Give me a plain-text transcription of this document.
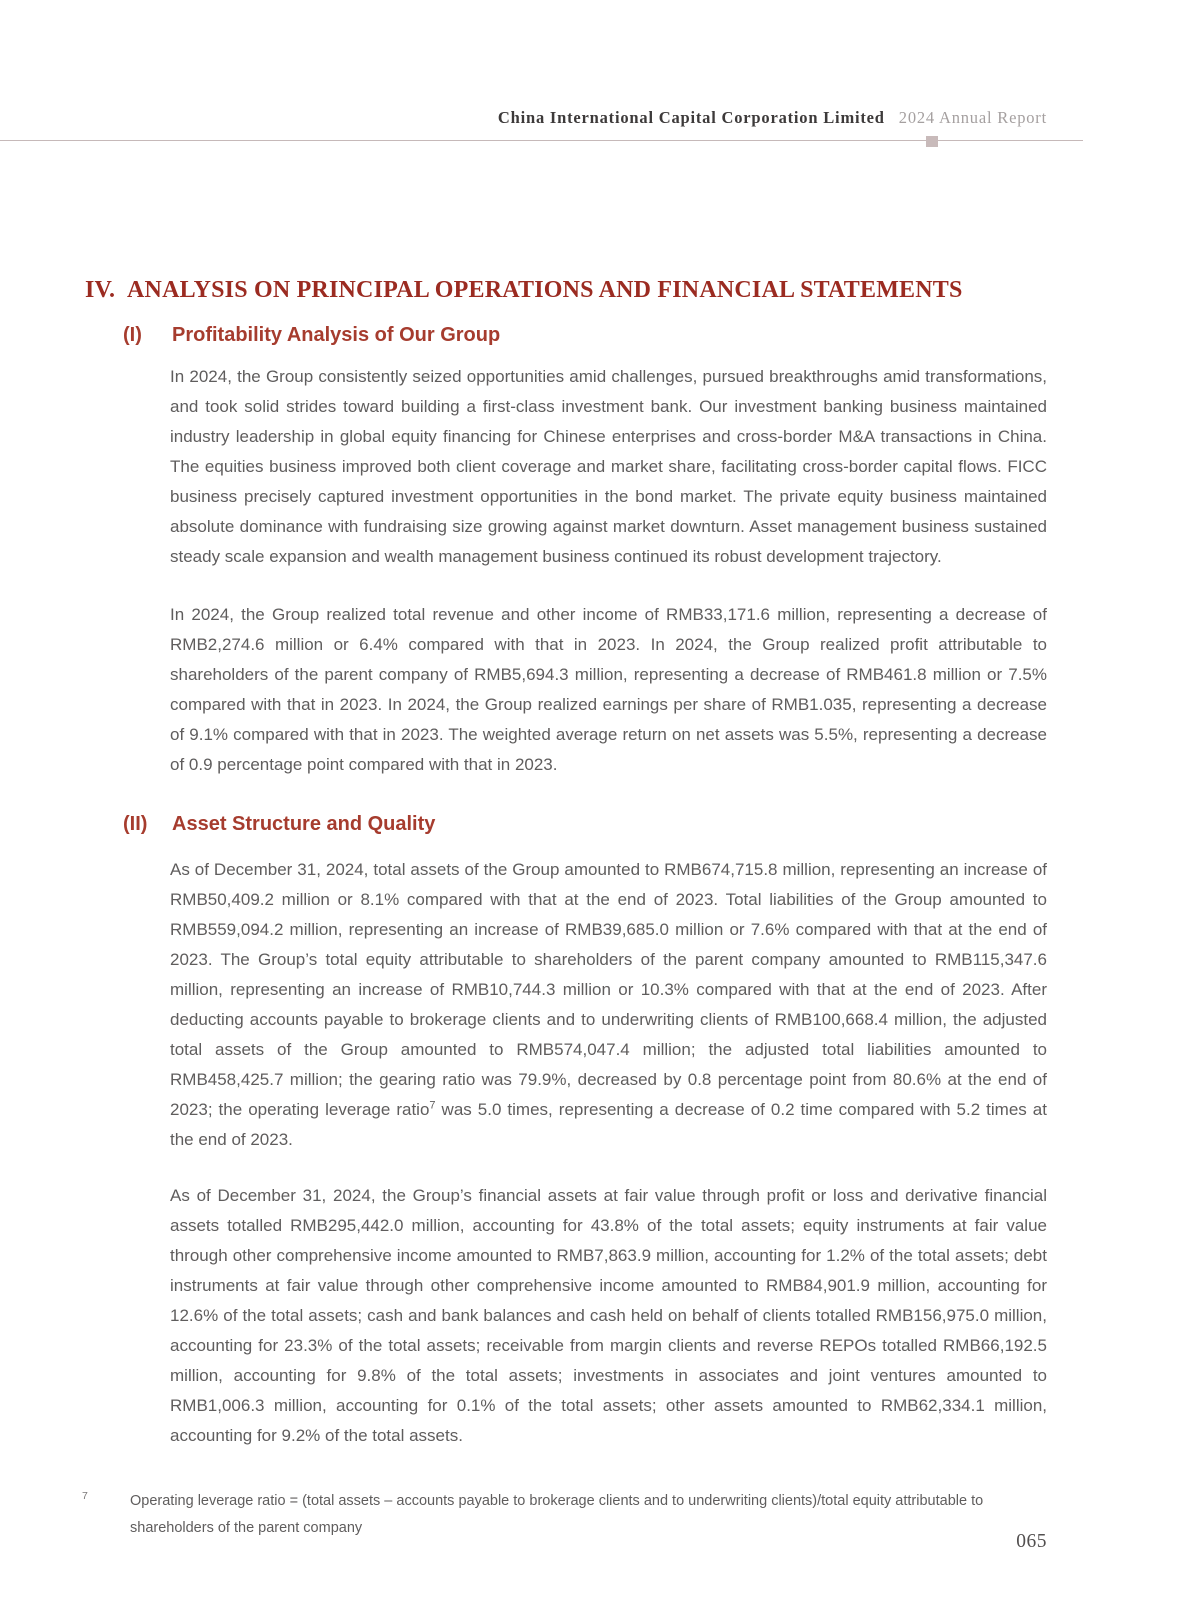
China International Capital Corporation Limited 2024 Annual Report
IV. ANALYSIS ON PRINCIPAL OPERATIONS AND FINANCIAL STATEMENTS
(I)	Profitability Analysis of Our Group

In 2024, the Group consistently seized opportunities amid challenges, pursued breakthroughs amid transformations, and took solid strides toward building a first-class investment bank. Our investment banking business maintained industry leadership in global equity financing for Chinese enterprises and cross-border M&A transactions in China. The equities business improved both client coverage and market share, facilitating cross-border capital flows. FICC business precisely captured investment opportunities in the bond market. The private equity business maintained absolute dominance with fundraising size growing against market downturn. Asset management business sustained steady scale expansion and wealth management business continued its robust development trajectory.

In 2024, the Group realized total revenue and other income of RMB33,171.6 million, representing a decrease of RMB2,274.6 million or 6.4% compared with that in 2023. In 2024, the Group realized profit attributable to shareholders of the parent company of RMB5,694.3 million, representing a decrease of RMB461.8 million or 7.5% compared with that in 2023. In 2024, the Group realized earnings per share of RMB1.035, representing a decrease of 9.1% compared with that in 2023. The weighted average return on net assets was 5.5%, representing a decrease of 0.9 percentage point compared with that in 2023.

(II)	Asset Structure and Quality

As of December 31, 2024, total assets of the Group amounted to RMB674,715.8 million, representing an increase of RMB50,409.2 million or 8.1% compared with that at the end of 2023. Total liabilities of the Group amounted to RMB559,094.2 million, representing an increase of RMB39,685.0 million or 7.6% compared with that at the end of 2023. The Group’s total equity attributable to shareholders of the parent company amounted to RMB115,347.6 million, representing an increase of RMB10,744.3 million or 10.3% compared with that at the end of 2023. After deducting accounts payable to brokerage clients and to underwriting clients of RMB100,668.4 million, the adjusted total assets of the Group amounted to RMB574,047.4 million; the adjusted total liabilities amounted to RMB458,425.7 million; the gearing ratio was 79.9%, decreased by 0.8 percentage point from 80.6% at the end of 2023; the operating leverage ratio$^7$ was 5.0 times, representing a decrease of 0.2 time compared with 5.2 times at the end of 2023.

As of December 31, 2024, the Group’s financial assets at fair value through profit or loss and derivative financial assets totalled RMB295,442.0 million, accounting for 43.8% of the total assets; equity instruments at fair value through other comprehensive income amounted to RMB7,863.9 million, accounting for 1.2% of the total assets; debt instruments at fair value through other comprehensive income amounted to RMB84,901.9 million, accounting for 12.6% of the total assets; cash and bank balances and cash held on behalf of clients totalled RMB156,975.0 million, accounting for 23.3% of the total assets; receivable from margin clients and reverse REPOs totalled RMB66,192.5 million, accounting for 9.8% of the total assets; investments in associates and joint ventures amounted to RMB1,006.3 million, accounting for 0.1% of the total assets; other assets amounted to RMB62,334.1 million, accounting for 9.2% of the total assets.

7	Operating leverage ratio = (total assets – accounts payable to brokerage clients and to underwriting clients)/total equity attributable to shareholders of the parent company
065
